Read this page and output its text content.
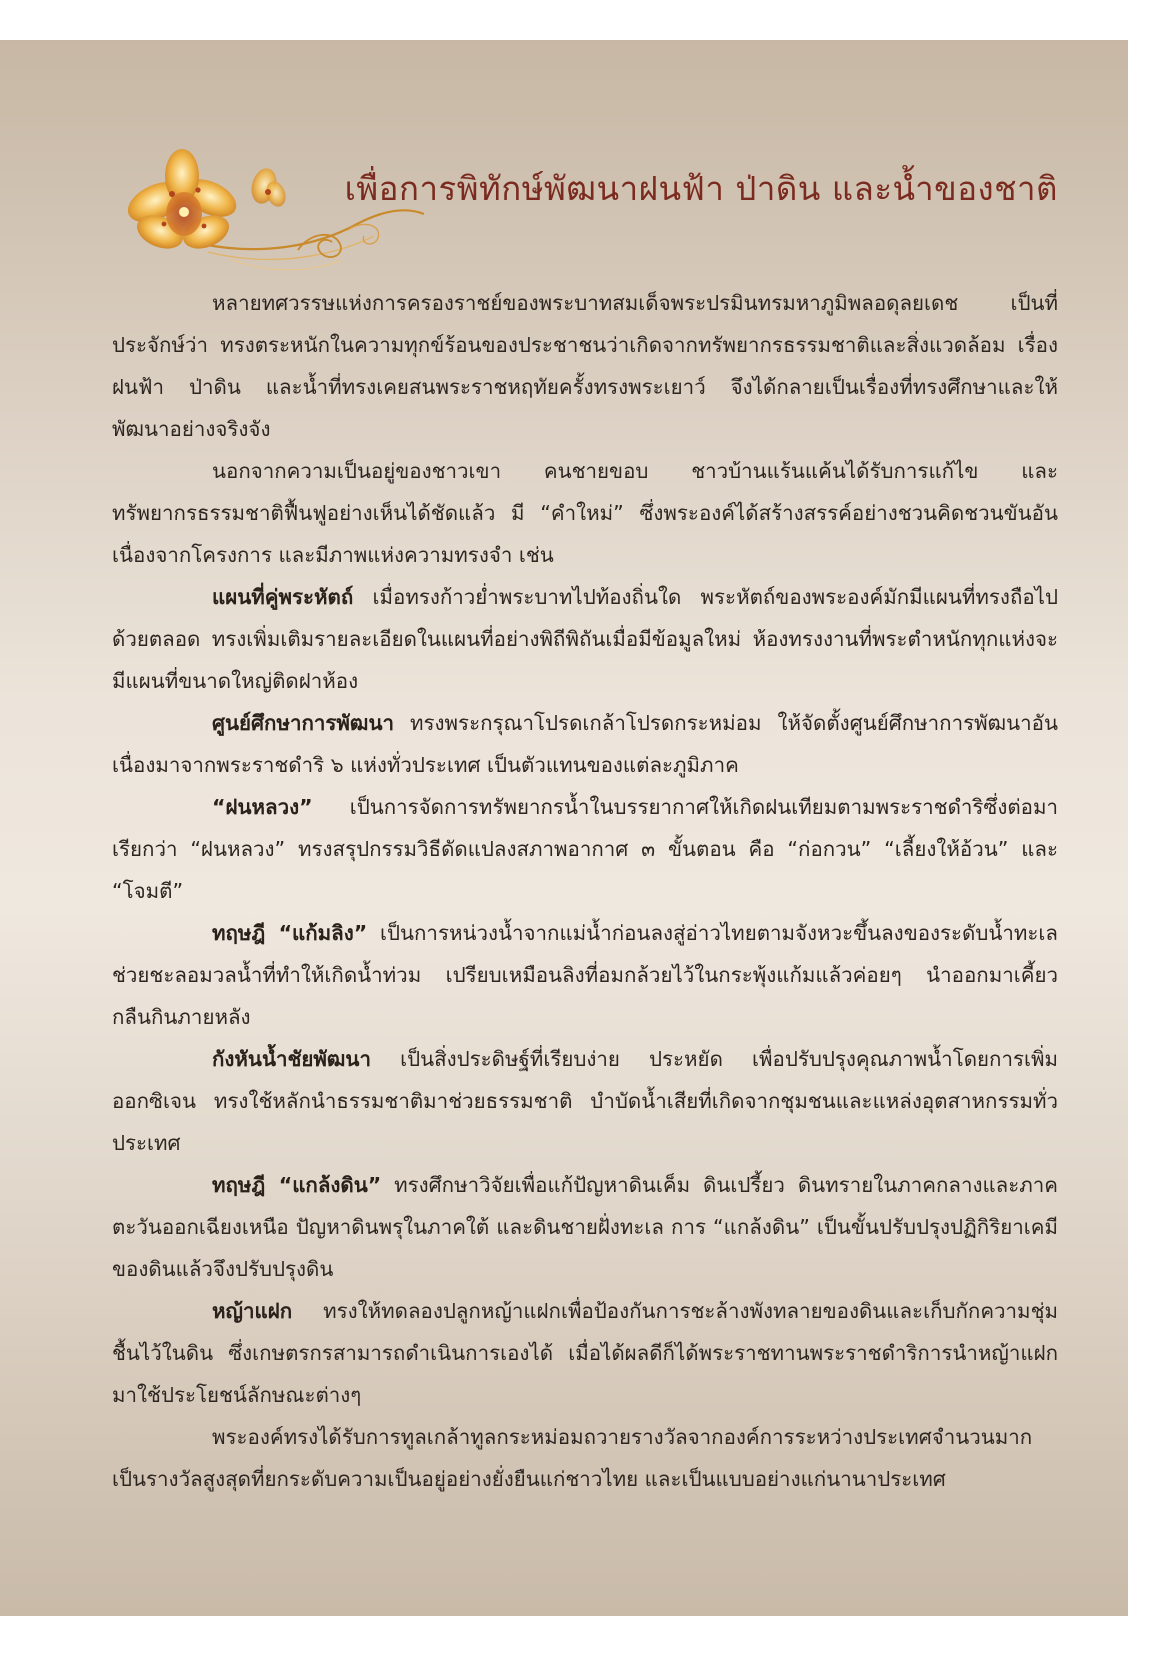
เพื่อการพิทักษ์พัฒนาฝนฟ้า ป่าดิน และน้ำของชาติ

หลายทศวรรษแห่งการครองราชย์ของพระบาทสมเด็จพระปรมินทรมหาภูมิพลอดุลยเดช เป็นที่ประจักษ์ว่า ทรงตระหนักในความทุกข์ร้อนของประชาชนว่าเกิดจากทรัพยากรธรรมชาติและสิ่งแวดล้อม เรื่อง ฝนฟ้า ป่าดิน และน้ำที่ทรงเคยสนพระราชหฤทัยครั้งทรงพระเยาว์ จึงได้กลายเป็นเรื่องที่ทรงศึกษาและให้พัฒนาอย่างจริงจัง

นอกจากความเป็นอยู่ของชาวเขา คนชายขอบ ชาวบ้านแร้นแค้นได้รับการแก้ไข และทรัพยากรธรรมชาติฟื้นฟูอย่างเห็นได้ชัดแล้ว มี “คำใหม่” ซึ่งพระองค์ได้สร้างสรรค์อย่างชวนคิดชวนขันอันเนื่องจากโครงการ และมีภาพแห่งความทรงจำ เช่น

แผนที่คู่พระหัตถ์ เมื่อทรงก้าวย่ำพระบาทไปท้องถิ่นใด พระหัตถ์ของพระองค์มักมีแผนที่ทรงถือไปด้วยตลอด ทรงเพิ่มเติมรายละเอียดในแผนที่อย่างพิถีพิถันเมื่อมีข้อมูลใหม่ ห้องทรงงานที่พระตำหนักทุกแห่งจะมีแผนที่ขนาดใหญ่ติดฝาห้อง

ศูนย์ศึกษาการพัฒนา ทรงพระกรุณาโปรดเกล้าโปรดกระหม่อม ให้จัดตั้งศูนย์ศึกษาการพัฒนาอันเนื่องมาจากพระราชดำริ ๖ แห่งทั่วประเทศ เป็นตัวแทนของแต่ละภูมิภาค

“ฝนหลวง” เป็นการจัดการทรัพยากรน้ำในบรรยากาศให้เกิดฝนเทียมตามพระราชดำริซึ่งต่อมาเรียกว่า “ฝนหลวง” ทรงสรุปกรรมวิธีดัดแปลงสภาพอากาศ ๓ ขั้นตอน คือ “ก่อกวน” “เลี้ยงให้อ้วน” และ “โจมตี”

ทฤษฎี “แก้มลิง” เป็นการหน่วงน้ำจากแม่น้ำก่อนลงสู่อ่าวไทยตามจังหวะขึ้นลงของระดับน้ำทะเล ช่วยชะลอมวลน้ำที่ทำให้เกิดน้ำท่วม เปรียบเหมือนลิงที่อมกล้วยไว้ในกระพุ้งแก้มแล้วค่อยๆ นำออกมาเคี้ยวกลืนกินภายหลัง

กังหันน้ำชัยพัฒนา เป็นสิ่งประดิษฐ์ที่เรียบง่าย ประหยัด เพื่อปรับปรุงคุณภาพน้ำโดยการเพิ่มออกซิเจน ทรงใช้หลักนำธรรมชาติมาช่วยธรรมชาติ บำบัดน้ำเสียที่เกิดจากชุมชนและแหล่งอุตสาหกรรมทั่วประเทศ

ทฤษฎี “แกล้งดิน” ทรงศึกษาวิจัยเพื่อแก้ปัญหาดินเค็ม ดินเปรี้ยว ดินทรายในภาคกลางและภาคตะวันออกเฉียงเหนือ ปัญหาดินพรุในภาคใต้ และดินชายฝั่งทะเล การ “แกล้งดิน” เป็นขั้นปรับปรุงปฏิกิริยาเคมีของดินแล้วจึงปรับปรุงดิน

หญ้าแฝก ทรงให้ทดลองปลูกหญ้าแฝกเพื่อป้องกันการชะล้างพังทลายของดินและเก็บกักความชุ่มชื้นไว้ในดิน ซึ่งเกษตรกรสามารถดำเนินการเองได้ เมื่อได้ผลดีก็ได้พระราชทานพระราชดำริการนำหญ้าแฝกมาใช้ประโยชน์ลักษณะต่างๆ

พระองค์ทรงได้รับการทูลเกล้าทูลกระหม่อมถวายรางวัลจากองค์การระหว่างประเทศจำนวนมาก เป็นรางวัลสูงสุดที่ยกระดับความเป็นอยู่อย่างยั่งยืนแก่ชาวไทย และเป็นแบบอย่างแก่นานาประเทศ
